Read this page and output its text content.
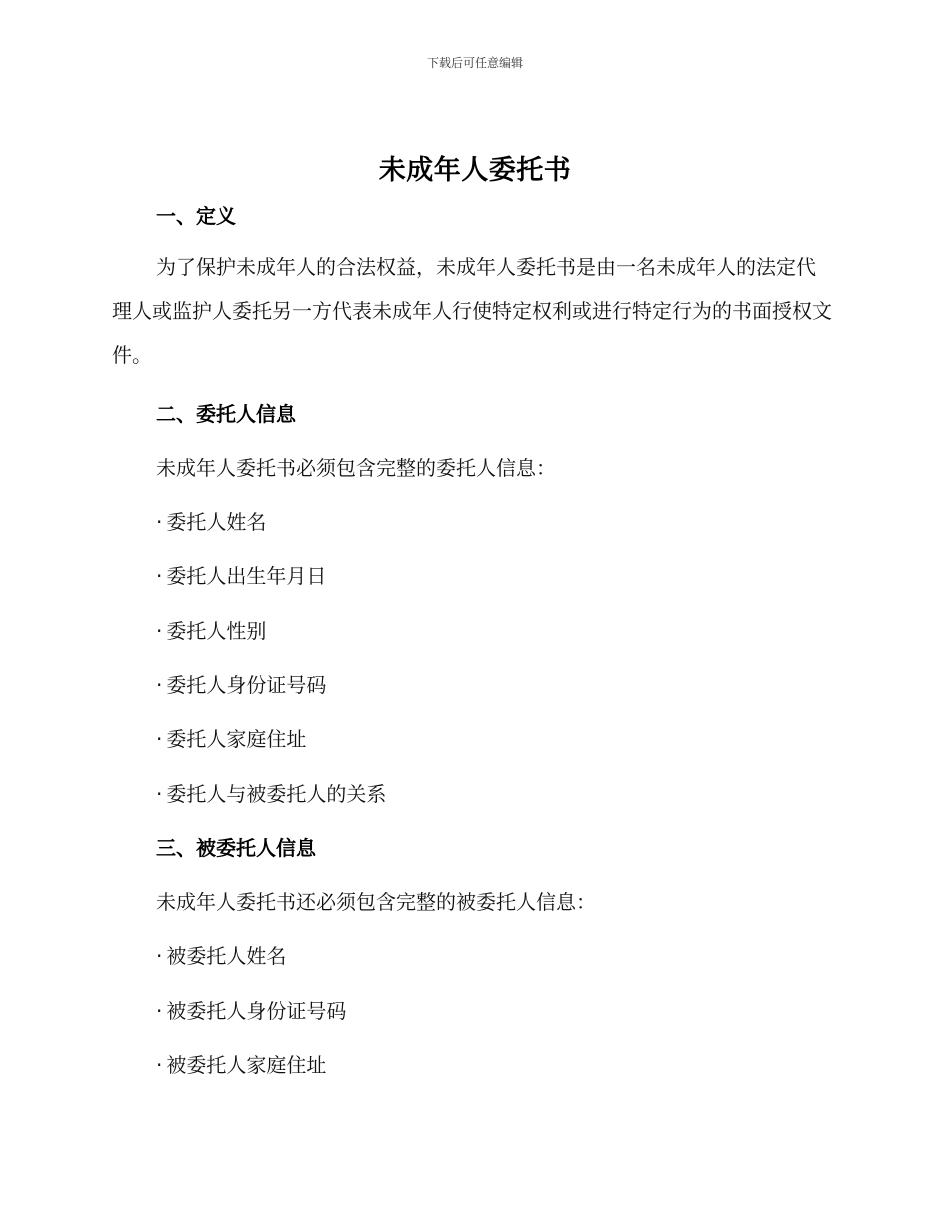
下载后可任意编辑
未成年人委托书
一、定义
为了保护未成年人的合法权益，未成年人委托书是由一名未成年人的法定代理人或监护人委托另一方代表未成年人行使特定权利或进行特定行为的书面授权文件。
二、委托人信息
未成年人委托书必须包含完整的委托人信息：
· 委托人姓名
· 委托人出生年月日
· 委托人性别
· 委托人身份证号码
· 委托人家庭住址
· 委托人与被委托人的关系
三、被委托人信息
未成年人委托书还必须包含完整的被委托人信息：
· 被委托人姓名
· 被委托人身份证号码
· 被委托人家庭住址
